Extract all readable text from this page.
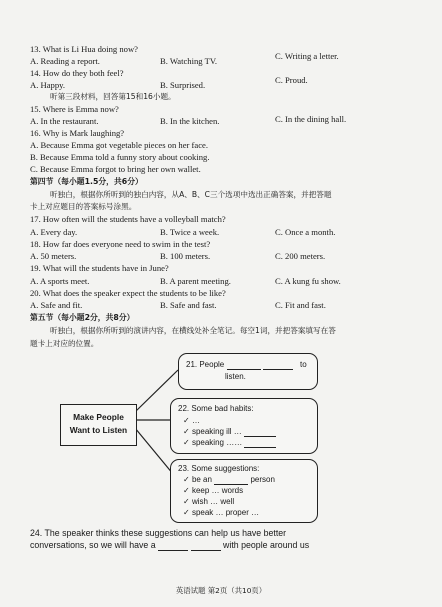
13. What is Li Hua doing now?
A. Reading a report.	B. Watching TV.	C. Writing a letter.
14. How do they both feel?
A. Happy.	B. Surprised.	C. Proud.
听第三段材料，回答第15和16小题。
15. Where is Emma now?
A. In the restaurant.	B. In the kitchen.	C. In the dining hall.
16. Why is Mark laughing?
A. Because Emma got vegetable pieces on her face.
B. Because Emma told a funny story about cooking.
C. Because Emma forgot to bring her own wallet.
第四节（每小题1.5分，共6分）
听独白，根据你所听到的独白内容，从A、B、C三个选项中选出正确答案，并把答题
卡上对应题目的答案标号涂黑。
17. How often will the students have a volleyball match?
A. Every day.	B. Twice a week.	C. Once a month.
18. How far does everyone need to swim in the test?
A. 50 meters.	B. 100 meters.	C. 200 meters.
19. What will the students have in June?
A. A sports meet.	B. A parent meeting.	C. A kung fu show.
20. What does the speaker expect the students to be like?
A. Safe and fit.	B. Safe and fast.	C. Fit and fast.
第五节（每小题2分，共8分）
听独白，根据你所听到的演讲内容，在横线处补全笔记。每空1词，并把答案填写在答
题卡上对应的位置。
Make People
Want to Listen
21. People	to
listen.
22. Some bad habits:
✓ …
✓ speaking ill …
✓ speaking ……
23. Some suggestions:
✓ be an	person
✓ keep … words
✓ wish … well
✓ speak … proper …
24. The speaker thinks these suggestions can help us have better
conversations, so we will have a	with people around us
英语试题 第2页（共10页）
